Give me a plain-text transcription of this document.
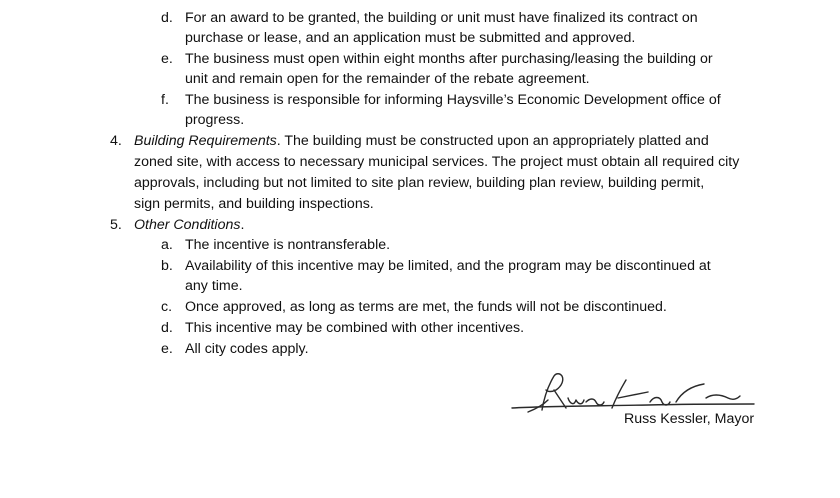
d. For an award to be granted, the building or unit must have finalized its contract on
purchase or lease, and an application must be submitted and approved.
e. The business must open within eight months after purchasing/leasing the building or
unit and remain open for the remainder of the rebate agreement.
f. The business is responsible for informing Haysville’s Economic Development office of
progress.
4. Building Requirements. The building must be constructed upon an appropriately platted and
zoned site, with access to necessary municipal services. The project must obtain all required city
approvals, including but not limited to site plan review, building plan review, building permit,
sign permits, and building inspections.
5. Other Conditions.
a. The incentive is nontransferable.
b. Availability of this incentive may be limited, and the program may be discontinued at
any time.
c. Once approved, as long as terms are met, the funds will not be discontinued.
d. This incentive may be combined with other incentives.
e. All city codes apply.
Russ Kessler, Mayor
